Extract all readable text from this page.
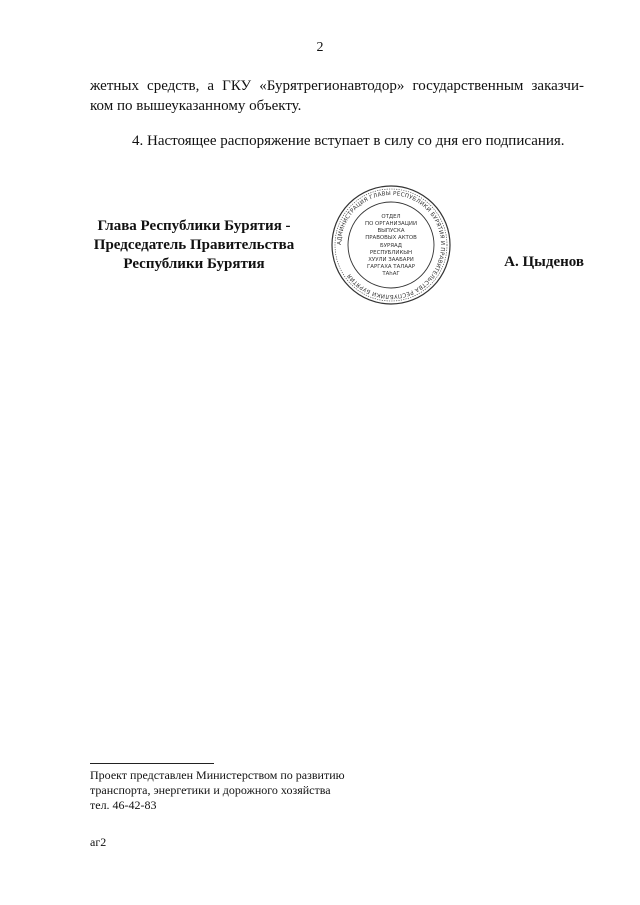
2
жетных средств, а ГКУ «Бурятрегионавтодор» государственным заказчи-
ком по вышеуказанному объекту.
4. Настоящее распоряжение вступает в силу со дня его подписания.
Глава Республики Бурятия -
Председатель Правительства
Республики Бурятия
АДМИНИСТРАЦИЯ ГЛАВЫ РЕСПУБЛИКИ БУРЯТИЯ И ПРАВИТЕЛЬСТВА РЕСПУБЛИКИ БУРЯТИЯ
ОТДЕЛ
ПО ОРГАНИЗАЦИИ
ВЫПУСКА
ПРАВОВЫХ АКТОВ
БУРЯАД
РЕСПУБЛИКЫН
ХУУЛИ ЗААБАРИ
ГАРГАХА ТАЛААР
ТАһАГ
А. Цыденов
Проект представлен Министерством по развитию
транспорта, энергетики и дорожного хозяйства
тел. 46-42-83
аг2
